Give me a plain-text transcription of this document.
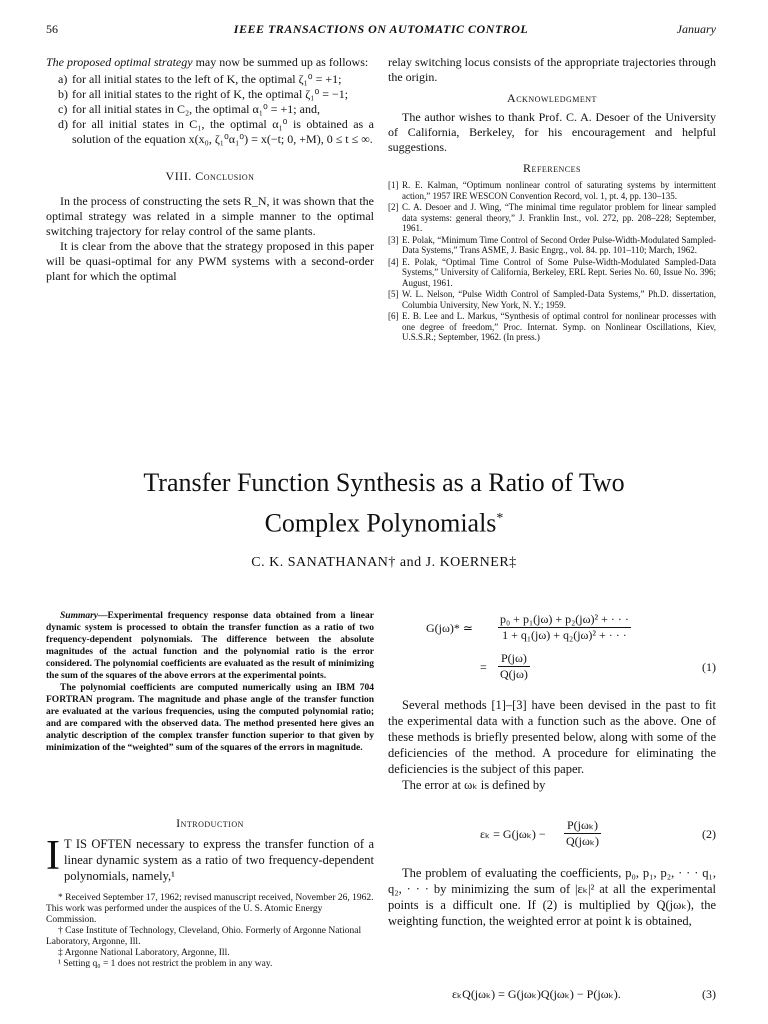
56	IEEE TRANSACTIONS ON AUTOMATIC CONTROL	January

The proposed optimal strategy may now be summed up as follows:

a) for all initial states to the left of K, the optimal ζ₁⁰ = +1;
b) for all initial states to the right of K, the optimal ζ₁⁰ = −1;
c) for all initial states in C₂, the optimal α₁⁰ = +1; and,
d) for all initial states in C₁, the optimal α₁⁰ is obtained as a solution of the equation x(x₀, ζ₁⁰α₁⁰) = x(−t; 0, +M), 0 ≤ t ≤ ∞.
VIII. Conclusion

In the process of constructing the sets R_N, it was shown that the optimal strategy was related in a simple manner to the optimal switching trajectory for relay control of the same plants.

It is clear from the above that the strategy proposed in this paper will be quasi-optimal for any PWM systems with a second-order plant for which the optimal

relay switching locus consists of the appropriate trajectories through the origin.

Acknowledgment

The author wishes to thank Prof. C. A. Desoer of the University of California, Berkeley, for his encouragement and helpful suggestions.

References
[1] R. E. Kalman, “Optimum nonlinear control of saturating systems by intermittent action,” 1957 IRE WESCON Convention Record, vol. 1, pt. 4, pp. 130–135.
[2] C. A. Desoer and J. Wing, “The minimal time regulator problem for linear sampled data systems: general theory,” J. Franklin Inst., vol. 272, pp. 208–228; September, 1961.
[3] E. Polak, “Minimum Time Control of Second Order Pulse-Width-Modulated Sampled-Data Systems,” Trans ASME, J. Basic Engrg., vol. 84. pp. 101–110; March, 1962.
[4] E. Polak, “Optimal Time Control of Some Pulse-Width-Modulated Sampled-Data Systems,” University of California, Berkeley, ERL Rept. Series No. 60, Issue No. 396; August, 1961.
[5] W. L. Nelson, “Pulse Width Control of Sampled-Data Systems,” Ph.D. dissertation, Columbia University, New York, N. Y.; 1959.
[6] E. B. Lee and L. Markus, “Synthesis of optimal control for nonlinear processes with one degree of freedom,” Proc. Internat. Symp. on Nonlinear Oscillations, Kiev, U.S.S.R.; September, 1962. (In press.)
Transfer Function Synthesis as a Ratio of Two
Complex Polynomials*
C. K. SANATHANAN† and J. KOERNER‡

Summary—Experimental frequency response data obtained from a linear dynamic system is processed to obtain the transfer function as a ratio of two frequency-dependent polynomials. The difference between the absolute magnitudes of the actual function and the polynomial ratio is the error considered. The polynomial coefficients are evaluated as the result of minimizing the sum of the squares of the above errors at the experimental points.

The polynomial coefficients are computed numerically using an IBM 704 FORTRAN program. The magnitude and phase angle of the transfer function are evaluated at the various frequencies, using the computed polynomial ratio; and are compared with the observed data. The method presented here gives an analytic description of the complex transfer function superior to that given by minimization of the “weighted” sum of the squares of the errors in magnitude.

Introduction

I T IS OFTEN necessary to express the transfer function of a linear dynamic system as a ratio of two frequency-dependent polynomials, namely,¹

* Received September 17, 1962; revised manuscript received, November 26, 1962. This work was performed under the auspices of the U. S. Atomic Energy Commission.

† Case Institute of Technology, Cleveland, Ohio. Formerly of Argonne National Laboratory, Argonne, Ill.

‡ Argonne National Laboratory, Argonne, Ill.

¹ Setting q₀ = 1 does not restrict the problem in any way.

G(jω)* ≃ $\frac{\text{p₀ + p₁(jω) + p₂(jω)² + · · ·}}{\text{1 + q₁(jω) + q₂(jω)² + · · ·}}$
= $\frac{P(j\omega)}{Q(j\omega)}$	(1)

Several methods [1]–[3] have been devised in the past to fit the experimental data with a function such as the above. One of these methods is briefly presented below, along with some of the deficiencies of the method. A procedure for eliminating the deficiencies is the subject of this paper.

The error at ωₖ is defined by

εₖ = G(jωₖ) −
P(jωₖ)
Q(jωₖ)	(2)

The problem of evaluating the coefficients, p₀, p₁, p₂, · · · q₁, q₂, · · · by minimizing the sum of |εₖ|² at all the experimental points is a difficult one. If (2) is multiplied by Q(jωₖ), the weighting function, the weighted error at point k is obtained,

εₖQ(jωₖ) = G(jωₖ)Q(jωₖ) − P(jωₖ).	(3)
